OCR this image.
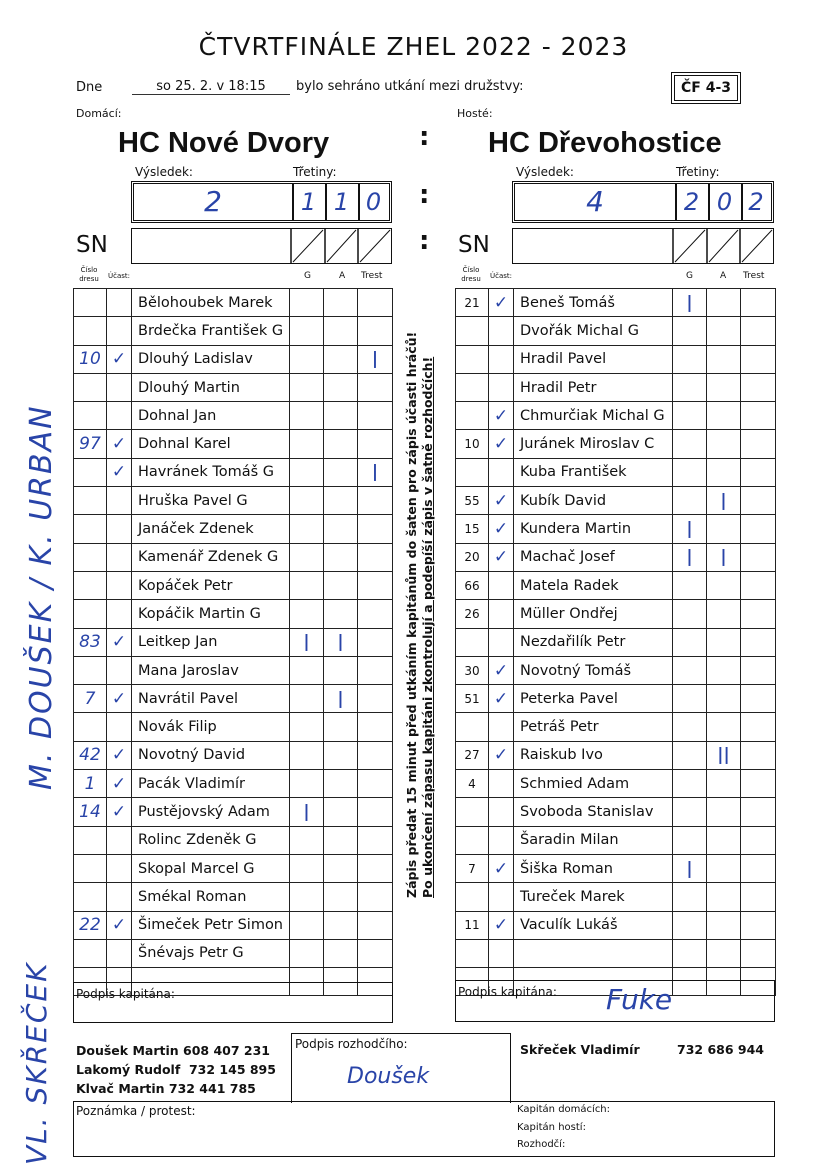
ČTVRTFINÁLE ZHEL 2022 - 2023
Dne	so 25. 2. v 18:15	bylo sehráno utkání mezi družstvy:	ČF 4-3
Domácí:	Hosté:
HC Nové Dvory	HC Dřevohostice
:
Výsledek:	Třetiny:	Výsledek:	Třetiny:
2	1 1 0	:	4	2 0 2
SN	: SN
Číslo dresu	Účast:	G	A Trest
Číslo dresu	Účast:	G	A Trest
		Bělohoubek Marek			
		Brdečka František G			
10	✓	Dlouhý Ladislav			|
		Dlouhý Martin			
		Dohnal Jan			
97	✓	Dohnal Karel			
	✓	Havránek Tomáš G			|
		Hruška Pavel G			
		Janáček Zdenek			
		Kamenář Zdenek G			
		Kopáček Petr			
		Kopáčik Martin G			
83	✓	Leitkep Jan	|	|	
		Mana Jaroslav			
7	✓	Navrátil Pavel		|	
		Novák Filip			
42	✓	Novotný David			
1	✓	Pacák Vladimír			
14	✓	Pustějovský Adam	|		
		Rolinc Zdeněk G			
		Skopal Marcel G			
		Smékal Roman			
22	✓	Šimeček Petr Simon			
		Šnévajs Petr G			

21	✓	Beneš Tomáš	|		
		Dvořák Michal G			
		Hradil Pavel			
		Hradil Petr			
	✓	Chmurčiak Michal G			
10	✓	Juránek Miroslav C			
		Kuba František			
55	✓	Kubík David		|	
15	✓	Kundera Martin	|		
20	✓	Machač Josef	|	|	
66		Matela Radek			
26		Müller Ondřej			
		Nezdařilík Petr			
30	✓	Novotný Tomáš			
51	✓	Peterka Pavel			
		Petráš Petr			
27	✓	Raiskub Ivo		||	
4		Schmied Adam			
		Svoboda Stanislav			
		Šaradin Milan			
7	✓	Šiška Roman	|		
		Tureček Marek			
11	✓	Vaculík Lukáš			

Zápis předat 15 minut před utkáním kapitánům do šaten pro zápis účasti hráčů! Po ukončení zápasu kapitáni zkontrolují a podepíší zápis v šatně rozhodčích!
M. DOUŠEK / K. URBAN
VL. SKŘEČEK Podpis kapitána:	Podpis kapitána: Fuke
Doušek Martin 608 407 231
Lakomý Rudolf  732 145 895
Klvač Martin 732 441 785
Podpis rozhodčího:
Doušek
Skřeček Vladimír	732 686 944
Poznámka / protest:	Kapitán domácích:
Kapitán hostí:
Rozhodčí:
